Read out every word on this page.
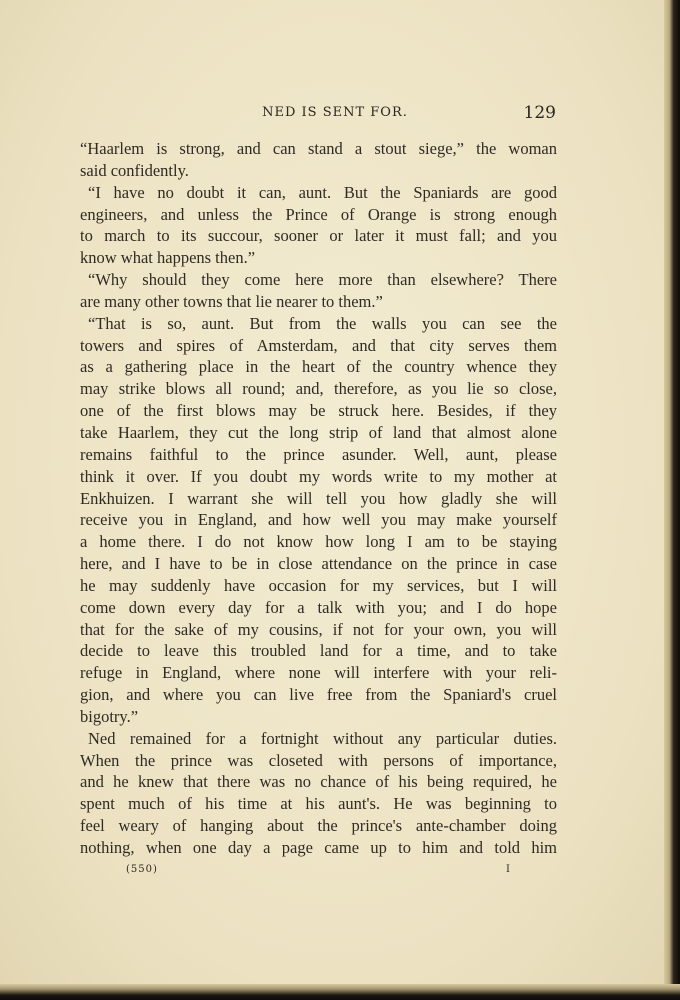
NED IS SENT FOR.	129
“Haarlem is strong, and can stand a stout siege,” the woman
said confidently.
“I have no doubt it can, aunt. But the Spaniards are good
engineers, and unless the Prince of Orange is strong enough
to march to its succour, sooner or later it must fall; and you
know what happens then.”
“Why should they come here more than elsewhere? There
are many other towns that lie nearer to them.”
“That is so, aunt. But from the walls you can see the
towers and spires of Amsterdam, and that city serves them
as a gathering place in the heart of the country whence they
may strike blows all round; and, therefore, as you lie so close,
one of the first blows may be struck here. Besides, if they
take Haarlem, they cut the long strip of land that almost alone
remains faithful to the prince asunder. Well, aunt, please
think it over. If you doubt my words write to my mother at
Enkhuizen. I warrant she will tell you how gladly she will
receive you in England, and how well you may make yourself
a home there. I do not know how long I am to be staying
here, and I have to be in close attendance on the prince in case
he may suddenly have occasion for my services, but I will
come down every day for a talk with you; and I do hope
that for the sake of my cousins, if not for your own, you will
decide to leave this troubled land for a time, and to take
refuge in England, where none will interfere with your reli-
gion, and where you can live free from the Spaniard's cruel
bigotry.”
Ned remained for a fortnight without any particular duties.
When the prince was closeted with persons of importance,
and he knew that there was no chance of his being required, he
spent much of his time at his aunt's. He was beginning to
feel weary of hanging about the prince's ante-chamber doing
nothing, when one day a page came up to him and told him
(550)	I
